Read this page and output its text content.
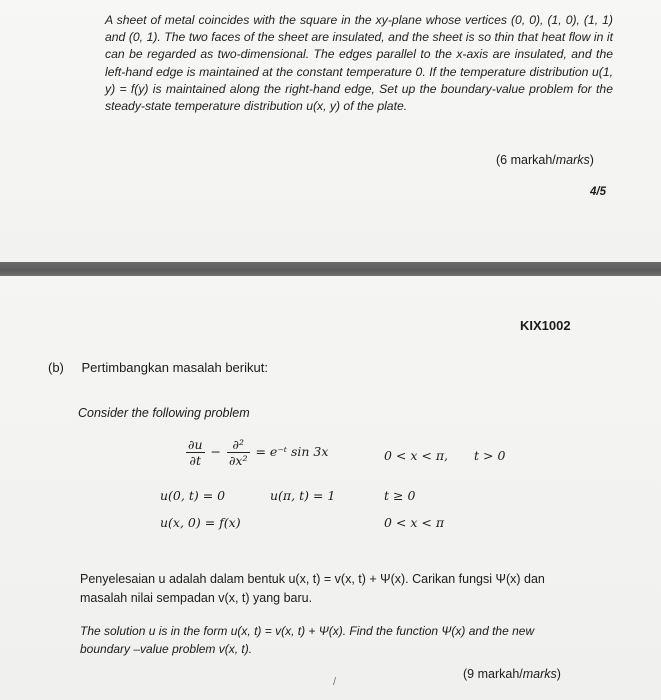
A sheet of metal coincides with the square in the xy-plane whose vertices (0, 0), (1, 0), (1, 1) and (0, 1). The two faces of the sheet are insulated, and the sheet is so thin that heat flow in it can be regarded as two-dimensional. The edges parallel to the x-axis are insulated, and the left-hand edge is maintained at the constant temperature 0. If the temperature distribution u(1, y) = f(y) is maintained along the right-hand edge, Set up the boundary-value problem for the steady-state temperature distribution u(x, y) of the plate.
(6 markah/marks)
4/5
KIX1002
(b) Pertimbangkan masalah berikut:
Consider the following problem
$\frac{\partial u}{\partial t} - \frac{\text{∂²}}{\text{∂x²}}$ = e⁻ᵗ sin 3x	0 < x < π, t > 0
u(0, t) = 0	u(π, t) = 1	t ≥ 0
u(x, 0) = f(x)	0 < x < π
Penyelesaian u adalah dalam bentuk u(x, t) = v(x, t) + Ψ(x). Carikan fungsi Ψ(x) dan masalah nilai sempadan v(x, t) yang baru.
The solution u is in the form u(x, t) = v(x, t) + Ψ(x). Find the function Ψ(x) and the new boundary –value problem v(x, t).
(9 markah/marks)
/
